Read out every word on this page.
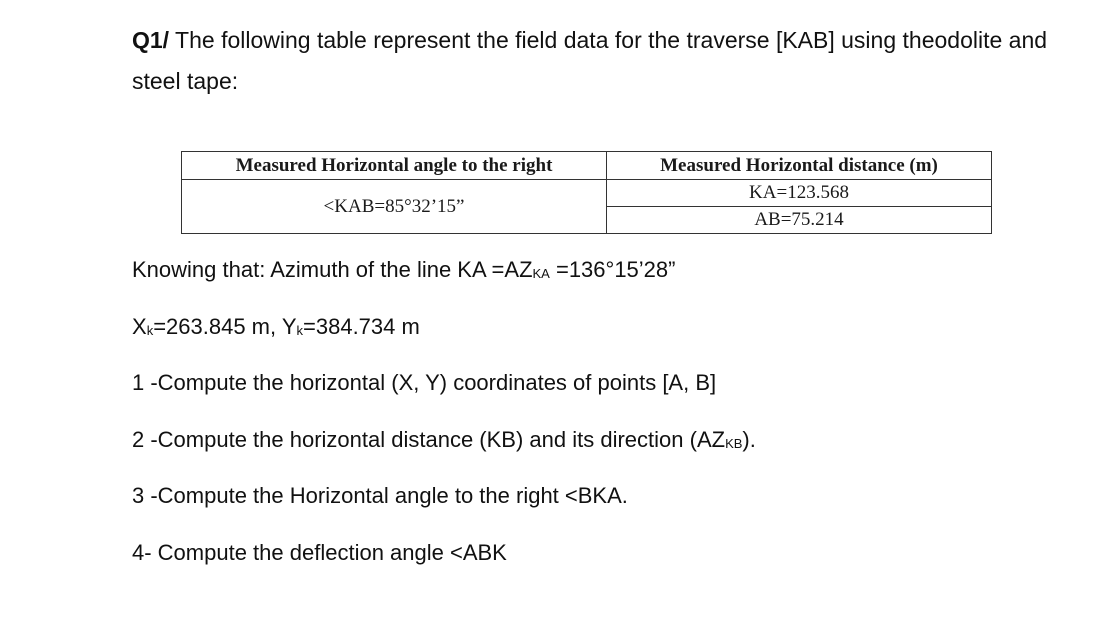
Q1/ The following table represent the field data for the traverse [KAB] using theodolite and steel tape:
Measured Horizontal angle to the right	Measured Horizontal distance (m)
<KAB=85°32’15”	KA=123.568
	AB=75.214
Knowing that: Azimuth of the line KA =AZKA =136°15’28”
Xk=263.845 m, Yk=384.734 m
1 -Compute the horizontal (X, Y) coordinates of points [A, B]
2 -Compute the horizontal distance (KB) and its direction (AZKB).
3 -Compute the Horizontal angle to the right <BKA.
4- Compute the deflection angle <ABK
